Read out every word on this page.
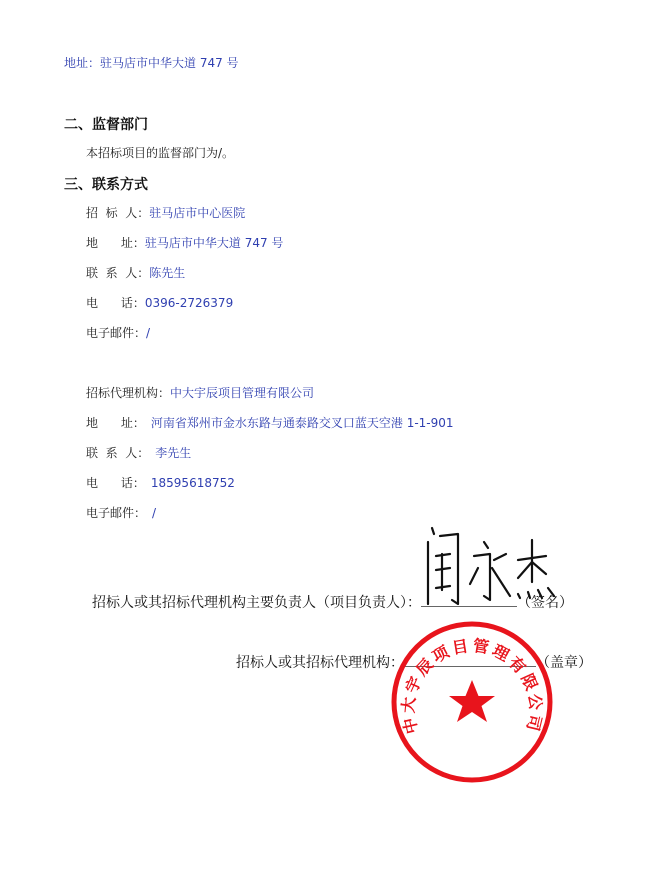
地址：驻马店市中华大道 747 号
二、监督部门
本招标项目的监督部门为/。
三、联系方式
招  标  人：驻马店市中心医院
地      址：驻马店市中华大道 747 号
联  系  人：陈先生
电      话：0396-2726379
电子邮件：/
招标代理机构：中大宇辰项目管理有限公司
地      址： 河南省郑州市金水东路与通泰路交叉口蓝天空港 1-1-901
联  系  人： 李先生
电      话： 18595618752
电子邮件： /
招标人或其招标代理机构主要负责人（项目负责人）：	（签名）
闫永杰
招标人或其招标代理机构：	（盖章）
中大宇辰项目管理有限公司
